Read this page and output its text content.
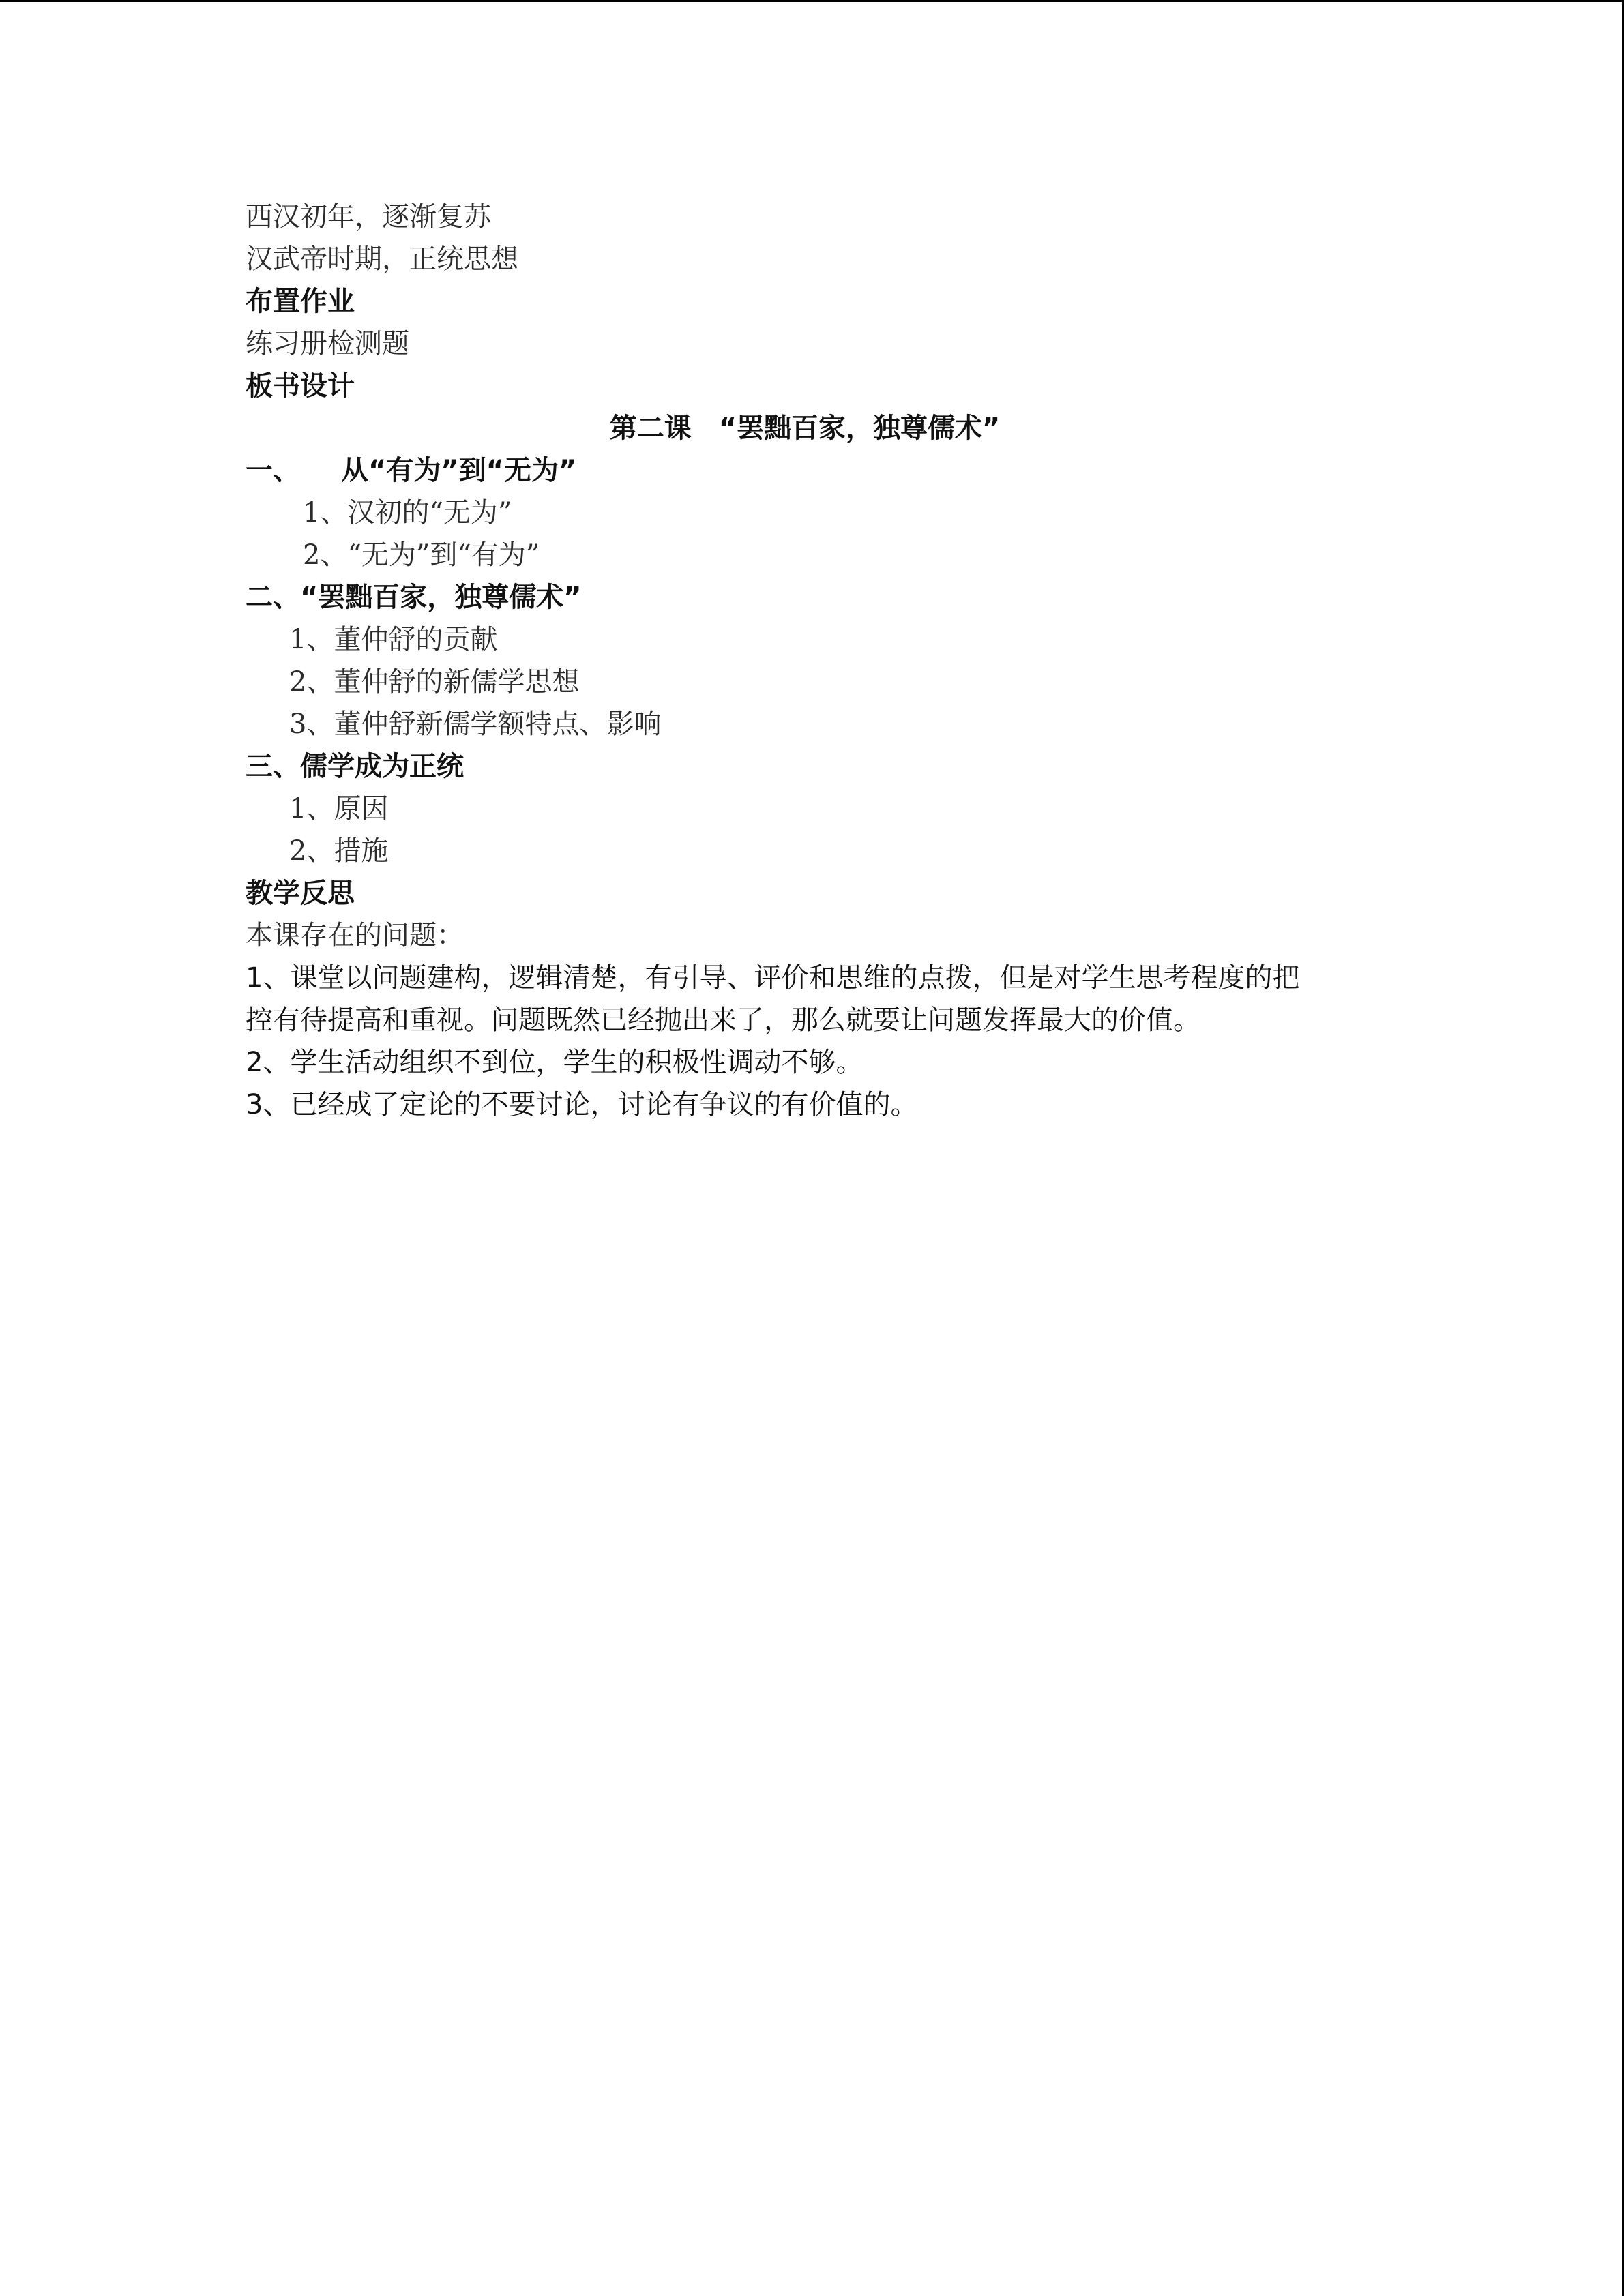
西汉初年，逐渐复苏
汉武帝时期，正统思想
布置作业
练习册检测题
板书设计
第二课　“罢黜百家，独尊儒术”
一、　　从“有为”到“无为”
1、汉初的“无为”
2、“无为”到“有为”
二、“罢黜百家，独尊儒术”
1、董仲舒的贡献
2、董仲舒的新儒学思想
3、董仲舒新儒学额特点、影响
三、儒学成为正统
1、原因
2、措施
教学反思
本课存在的问题：
1、课堂以问题建构，逻辑清楚，有引导、评价和思维的点拨，但是对学生思考程度的把
控有待提高和重视。问题既然已经抛出来了，那么就要让问题发挥最大的价值。
2、学生活动组织不到位，学生的积极性调动不够。
3、已经成了定论的不要讨论，讨论有争议的有价值的。
